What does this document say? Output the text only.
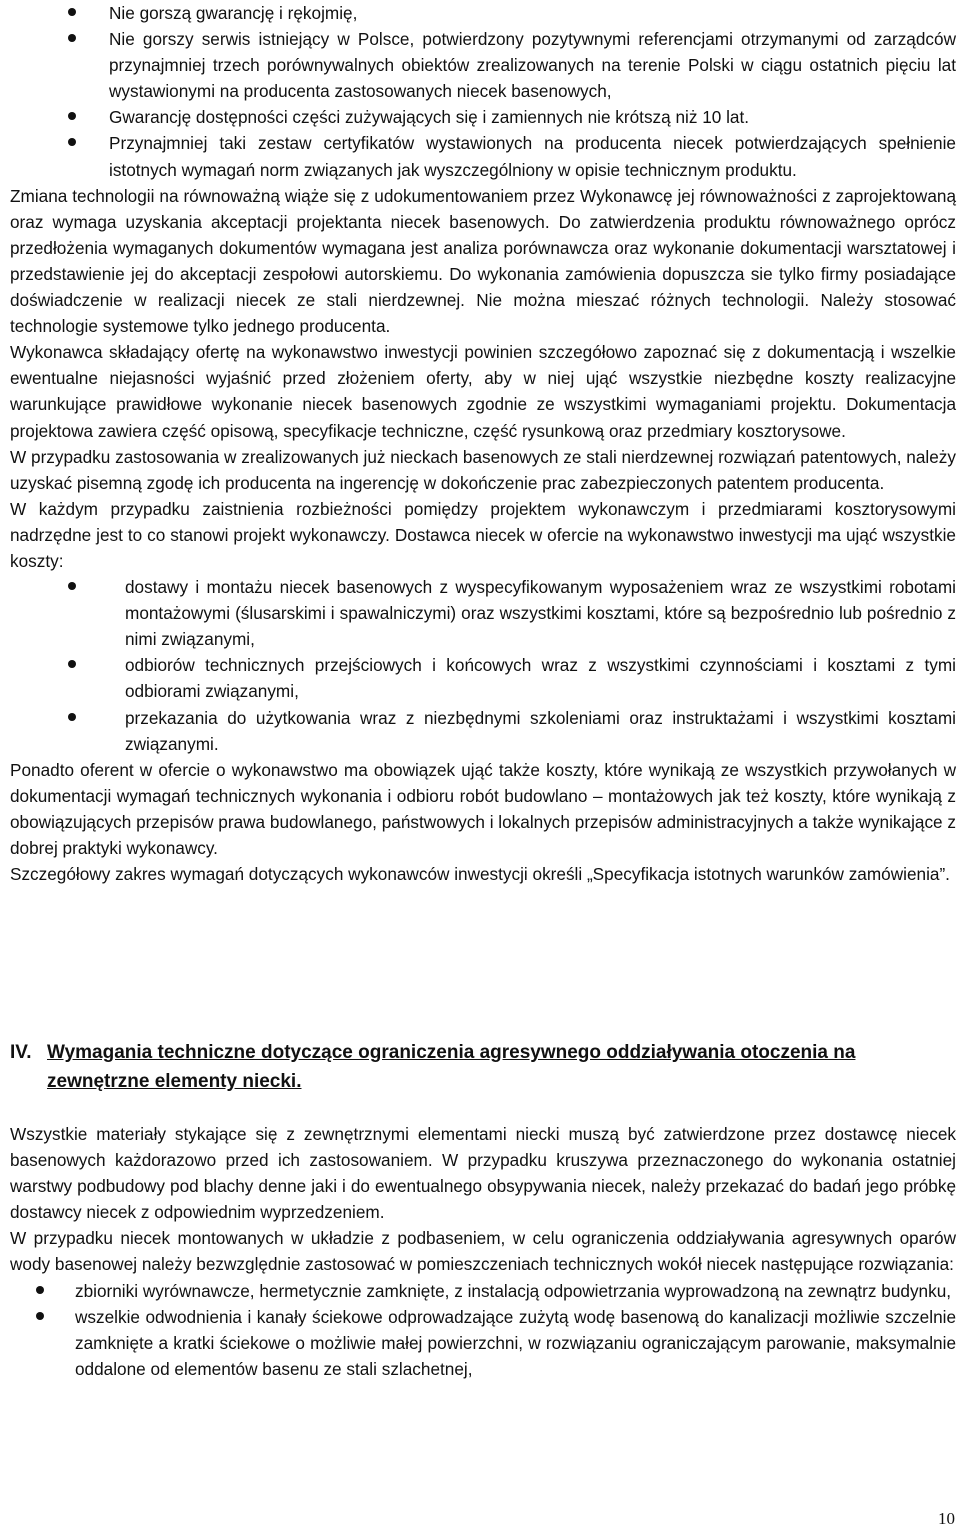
Nie gorszą gwarancję i rękojmię,
Nie gorszy serwis istniejący w Polsce, potwierdzony pozytywnymi referencjami otrzymanymi od zarządców przynajmniej trzech porównywalnych obiektów zrealizowanych na terenie Polski w ciągu ostatnich pięciu lat wystawionymi na producenta zastosowanych niecek basenowych,
Gwarancję dostępności części zużywających się i zamiennych nie krótszą niż 10 lat.
Przynajmniej taki zestaw certyfikatów wystawionych na producenta niecek potwierdzających spełnienie istotnych wymagań norm związanych jak wyszczególniony w opisie technicznym produktu.

Zmiana technologii na równoważną wiąże się z udokumentowaniem przez Wykonawcę jej równoważności z zaprojektowaną oraz wymaga uzyskania akceptacji projektanta niecek basenowych. Do zatwierdzenia produktu równoważnego oprócz przedłożenia wymaganych dokumentów wymagana jest analiza porównawcza oraz wykonanie dokumentacji warsztatowej i przedstawienie jej do akceptacji zespołowi autorskiemu. Do wykonania zamówienia dopuszcza sie tylko firmy posiadające doświadczenie w realizacji niecek ze stali nierdzewnej. Nie można mieszać różnych technologii. Należy stosować technologie systemowe tylko jednego producenta.

Wykonawca składający ofertę na wykonawstwo inwestycji powinien szczegółowo zapoznać się z dokumentacją i wszelkie ewentualne niejasności wyjaśnić przed złożeniem oferty, aby w niej ująć wszystkie niezbędne koszty realizacyjne warunkujące prawidłowe wykonanie niecek basenowych zgodnie ze wszystkimi wymaganiami projektu. Dokumentacja projektowa zawiera część opisową, specyfikacje techniczne, część rysunkową oraz przedmiary kosztorysowe.

W przypadku zastosowania w zrealizowanych już nieckach basenowych ze stali nierdzewnej rozwiązań patentowych, należy uzyskać pisemną zgodę ich producenta na ingerencję w dokończenie prac zabezpieczonych patentem producenta.

W każdym przypadku zaistnienia rozbieżności pomiędzy projektem wykonawczym i przedmiarami kosztorysowymi nadrzędne jest to co stanowi projekt wykonawczy. Dostawca niecek w ofercie na wykonawstwo inwestycji ma ująć wszystkie koszty:

dostawy i montażu niecek basenowych z wyspecyfikowanym wyposażeniem wraz ze wszystkimi robotami montażowymi (ślusarskimi i spawalniczymi) oraz wszystkimi kosztami, które są bezpośrednio lub pośrednio z nimi związanymi,
odbiorów technicznych przejściowych i końcowych wraz z wszystkimi czynnościami i kosztami z tymi odbiorami związanymi,
przekazania do użytkowania wraz z niezbędnymi szkoleniami oraz instruktażami i wszystkimi kosztami związanymi.

Ponadto oferent w ofercie o wykonawstwo ma obowiązek ująć także koszty, które wynikają ze wszystkich przywołanych w dokumentacji wymagań technicznych wykonania i odbioru robót budowlano – montażowych jak też koszty, które wynikają z obowiązujących przepisów prawa budowlanego, państwowych i lokalnych przepisów administracyjnych a także wynikające z dobrej praktyki wykonawcy.

Szczegółowy zakres wymagań dotyczących wykonawców inwestycji określi „Specyfikacja istotnych warunków zamówienia”.

IV. Wymagania techniczne dotyczące ograniczenia agresywnego oddziaływania otoczenia na zewnętrzne elementy niecki.

Wszystkie materiały stykające się z zewnętrznymi elementami niecki muszą być zatwierdzone przez dostawcę niecek basenowych każdorazowo przed ich zastosowaniem. W przypadku kruszywa przeznaczonego do wykonania ostatniej warstwy podbudowy pod blachy denne jaki i do ewentualnego obsypywania niecek, należy przekazać do badań jego próbkę dostawcy niecek z odpowiednim wyprzedzeniem.

W przypadku niecek montowanych w układzie z podbaseniem, w celu ograniczenia oddziaływania agresywnych oparów wody basenowej należy bezwzględnie zastosować w pomieszczeniach technicznych wokół niecek następujące rozwiązania:

zbiorniki wyrównawcze, hermetycznie zamknięte, z instalacją odpowietrzania wyprowadzoną na zewnątrz budynku,
wszelkie odwodnienia i kanały ściekowe odprowadzające zużytą wodę basenową do kanalizacji możliwie szczelnie zamknięte a kratki ściekowe o możliwie małej powierzchni, w rozwiązaniu ograniczającym parowanie, maksymalnie oddalone od elementów basenu ze stali szlachetnej,
10
